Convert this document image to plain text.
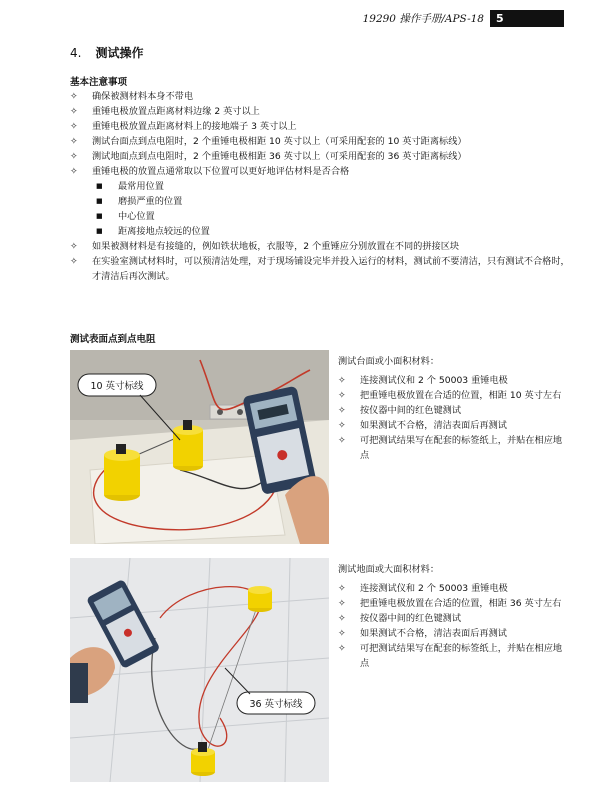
19290 操作手册/APS-18	5
4. 测试操作
基本注意事项
✧ 确保被测材料本身不带电
✧ 重锤电极放置点距离材料边缘 2 英寸以上
✧ 重锤电极放置点距离材料上的接地端子 3 英寸以上
✧ 测试台面点到点电阻时，2 个重锤电极相距 10 英寸以上（可采用配套的 10 英寸距离标线）
✧ 测试地面点到点电阻时，2 个重锤电极相距 36 英寸以上（可采用配套的 36 英寸距离标线）
✧ 重锤电极的放置点通常取以下位置可以更好地评估材料是否合格
■ 最常用位置
■ 磨损严重的位置
■ 中心位置
■ 距离接地点较远的位置
✧ 如果被测材料是有接缝的，例如铁状地板，衣服等，2 个重锤应分别放置在不同的拼接区块
✧ 在实验室测试材料时，可以预清洁处理，对于现场铺设完毕并投入运行的材料，测试前不要清洁，只有测试不合格时，才清洁后再次测试。
测试表面点到点电阻
10 英寸标线
测试台面或小面积材料：
✧ 连接测试仪和 2 个 50003 重锤电极
✧ 把重锤电极放置在合适的位置，相距 10 英寸左右
✧ 按仪器中间的红色键测试
✧ 如果测试不合格，清洁表面后再测试
✧ 可把测试结果写在配套的标签纸上，并贴在相应地点
36 英寸标线
测试地面或大面积材料：
✧ 连接测试仪和 2 个 50003 重锤电极
✧ 把重锤电极放置在合适的位置，相距 36 英寸左右
✧ 按仪器中间的红色键测试
✧ 如果测试不合格，清洁表面后再测试
✧ 可把测试结果写在配套的标签纸上，并贴在相应地点
